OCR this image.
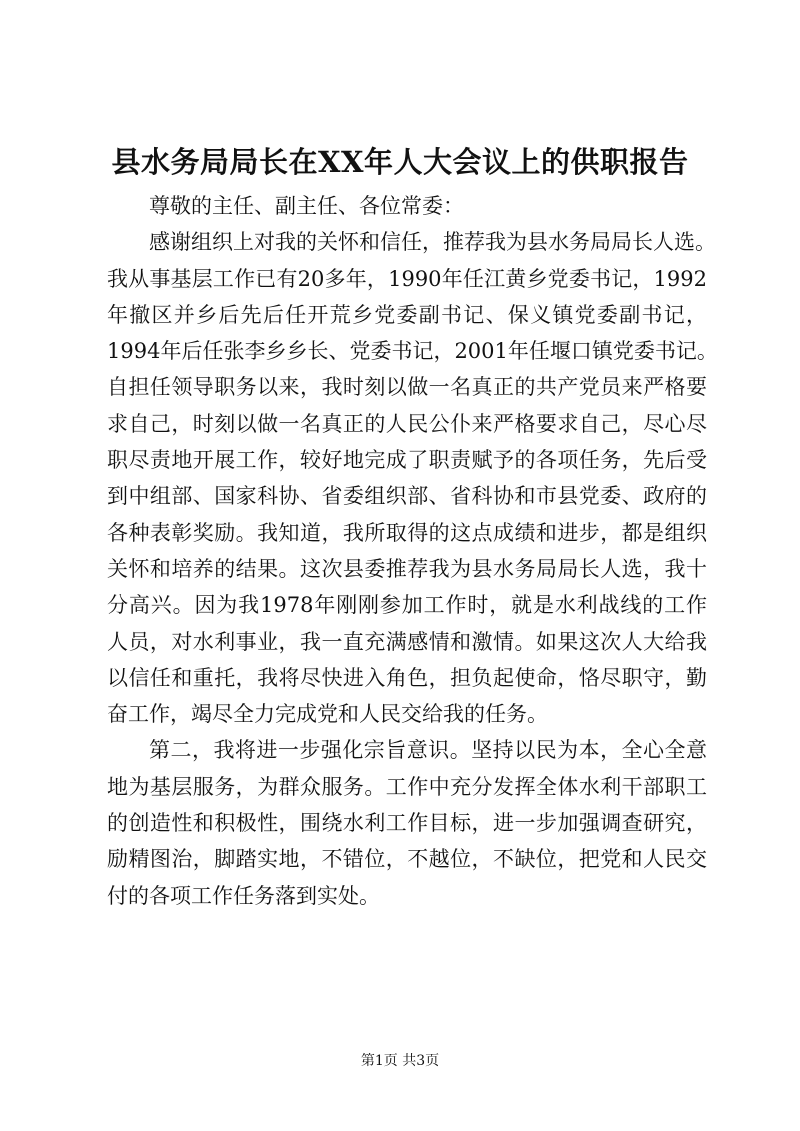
县水务局局长在XX年人大会议上的供职报告
尊敬的主任、副主任、各位常委：
感谢组织上对我的关怀和信任，推荐我为县水务局局长人选。
我从事基层工作已有20多年，1990年任江黄乡党委书记，1992
年撤区并乡后先后任开荒乡党委副书记、保义镇党委副书记，
1994年后任张李乡乡长、党委书记，2001年任堰口镇党委书记。
自担任领导职务以来，我时刻以做一名真正的共产党员来严格要
求自己，时刻以做一名真正的人民公仆来严格要求自己，尽心尽
职尽责地开展工作，较好地完成了职责赋予的各项任务，先后受
到中组部、国家科协、省委组织部、省科协和市县党委、政府的
各种表彰奖励。我知道，我所取得的这点成绩和进步，都是组织
关怀和培养的结果。这次县委推荐我为县水务局局长人选，我十
分高兴。因为我1978年刚刚参加工作时，就是水利战线的工作
人员，对水利事业，我一直充满感情和激情。如果这次人大给我
以信任和重托，我将尽快进入角色，担负起使命，恪尽职守，勤
奋工作，竭尽全力完成党和人民交给我的任务。
第二，我将进一步强化宗旨意识。坚持以民为本，全心全意
地为基层服务，为群众服务。工作中充分发挥全体水利干部职工
的创造性和积极性，围绕水利工作目标，进一步加强调查研究，
励精图治，脚踏实地，不错位，不越位，不缺位，把党和人民交
付的各项工作任务落到实处。
第1页 共3页
